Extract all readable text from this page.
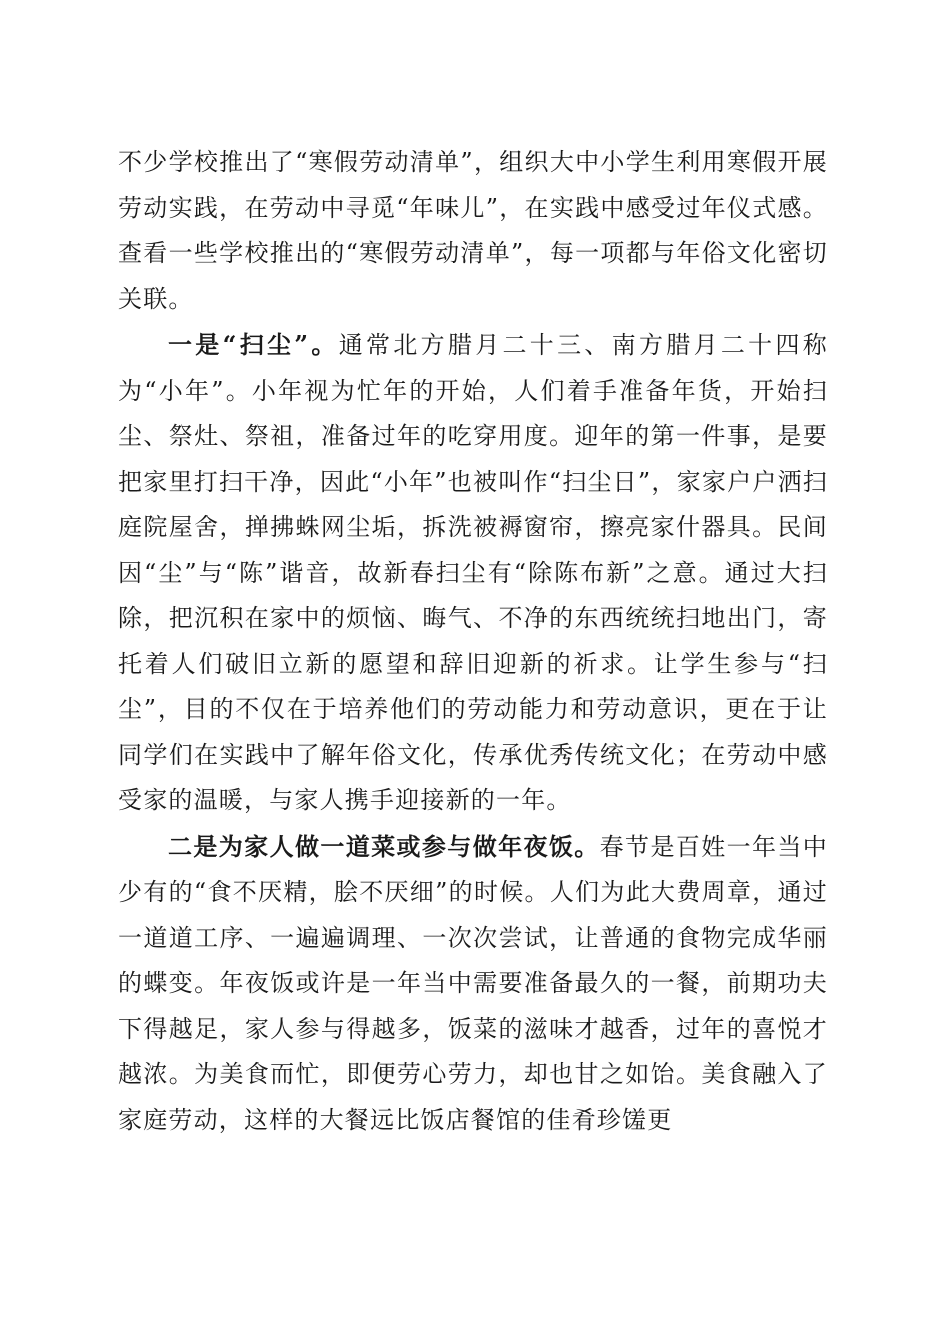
不少学校推出了“寒假劳动清单”，组织大中小学生利用寒假开展劳动实践，在劳动中寻觅“年味儿”，在实践中感受过年仪式感。查看一些学校推出的“寒假劳动清单”，每一项都与年俗文化密切关联。

一是“扫尘”。通常北方腊月二十三、南方腊月二十四称为“小年”。小年视为忙年的开始，人们着手准备年货，开始扫尘、祭灶、祭祖，准备过年的吃穿用度。迎年的第一件事，是要把家里打扫干净，因此“小年”也被叫作“扫尘日”，家家户户洒扫庭院屋舍，掸拂蛛网尘垢，拆洗被褥窗帘，擦亮家什器具。民间因“尘”与“陈”谐音，故新春扫尘有“除陈布新”之意。通过大扫除，把沉积在家中的烦恼、晦气、不净的东西统统扫地出门，寄托着人们破旧立新的愿望和辞旧迎新的祈求。让学生参与“扫尘”，目的不仅在于培养他们的劳动能力和劳动意识，更在于让同学们在实践中了解年俗文化，传承优秀传统文化；在劳动中感受家的温暖，与家人携手迎接新的一年。

二是为家人做一道菜或参与做年夜饭。春节是百姓一年当中少有的“食不厌精，脍不厌细”的时候。人们为此大费周章，通过一道道工序、一遍遍调理、一次次尝试，让普通的食物完成华丽的蝶变。年夜饭或许是一年当中需要准备最久的一餐，前期功夫下得越足，家人参与得越多，饭菜的滋味才越香，过年的喜悦才越浓。为美食而忙，即便劳心劳力，却也甘之如饴。美食融入了家庭劳动，这样的大餐远比饭店餐馆的佳肴珍馐更
